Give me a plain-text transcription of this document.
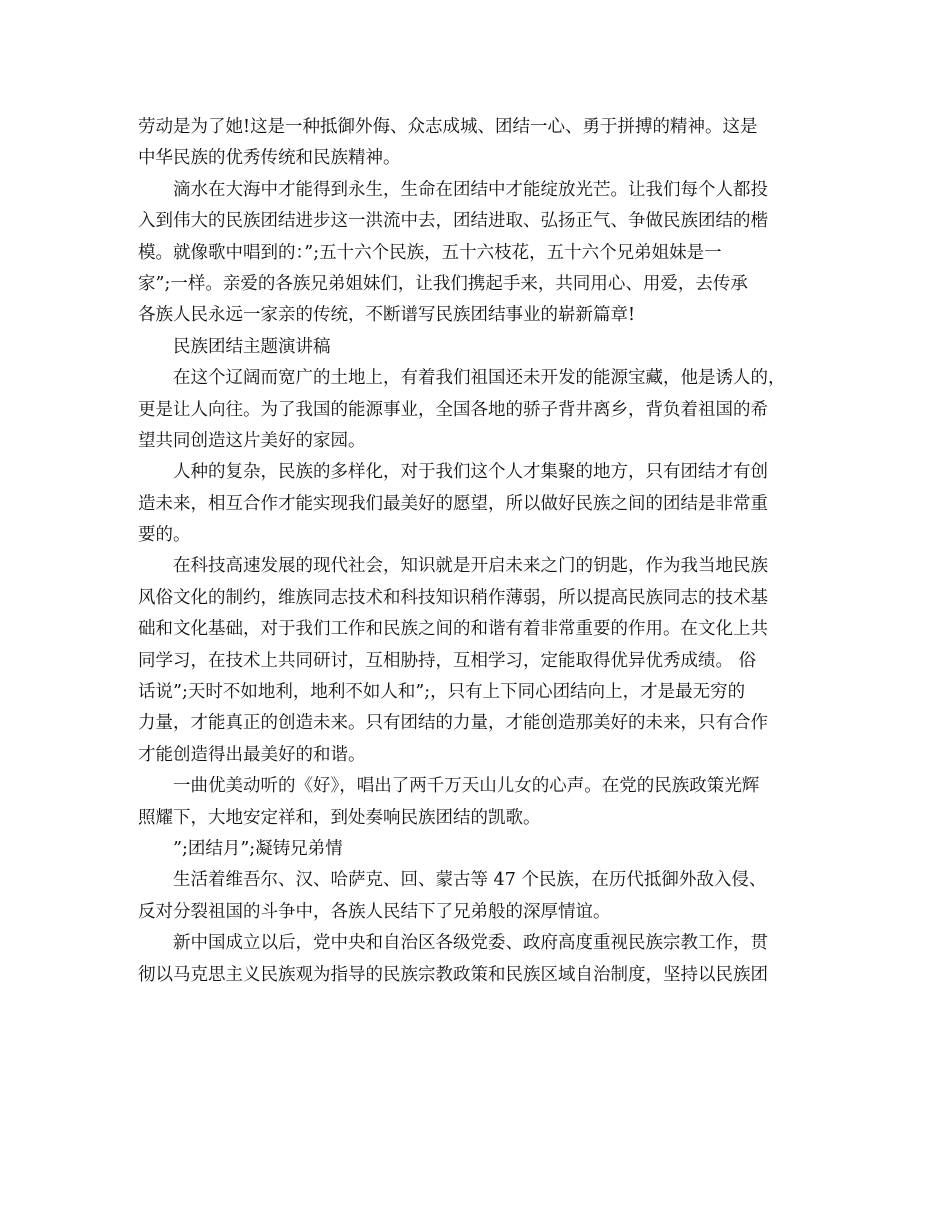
劳动是为了她!这是一种抵御外侮、众志成城、团结一心、勇于拼搏的精神。这是
中华民族的优秀传统和民族精神。
滴水在大海中才能得到永生，生命在团结中才能绽放光芒。让我们每个人都投
入到伟大的民族团结进步这一洪流中去，团结进取、弘扬正气、争做民族团结的楷
模。就像歌中唱到的：”;五十六个民族，五十六枝花，五十六个兄弟姐妹是一
家”;一样。亲爱的各族兄弟姐妹们，让我们携起手来，共同用心、用爱，去传承
各族人民永远一家亲的传统，不断谱写民族团结事业的崭新篇章!
民族团结主题演讲稿
在这个辽阔而宽广的土地上，有着我们祖国还未开发的能源宝藏，他是诱人的，
更是让人向往。为了我国的能源事业，全国各地的骄子背井离乡，背负着祖国的希
望共同创造这片美好的家园。
人种的复杂，民族的多样化，对于我们这个人才集聚的地方，只有团结才有创
造未来，相互合作才能实现我们最美好的愿望，所以做好民族之间的团结是非常重
要的。
在科技高速发展的现代社会，知识就是开启未来之门的钥匙，作为我当地民族
风俗文化的制约，维族同志技术和科技知识稍作薄弱，所以提高民族同志的技术基
础和文化基础，对于我们工作和民族之间的和谐有着非常重要的作用。在文化上共
同学习，在技术上共同研讨，互相胁持，互相学习，定能取得优异优秀成绩。 俗
话说”;天时不如地利，地利不如人和”;，只有上下同心团结向上，才是最无穷的
力量，才能真正的创造未来。只有团结的力量，才能创造那美好的未来，只有合作
才能创造得出最美好的和谐。
一曲优美动听的《好》，唱出了两千万天山儿女的心声。在党的民族政策光辉
照耀下，大地安定祥和，到处奏响民族团结的凯歌。
”;团结月”;凝铸兄弟情
生活着维吾尔、汉、哈萨克、回、蒙古等 47 个民族，在历代抵御外敌入侵、
反对分裂祖国的斗争中，各族人民结下了兄弟般的深厚情谊。
新中国成立以后，党中央和自治区各级党委、政府高度重视民族宗教工作，贯
彻以马克思主义民族观为指导的民族宗教政策和民族区域自治制度，坚持以民族团
